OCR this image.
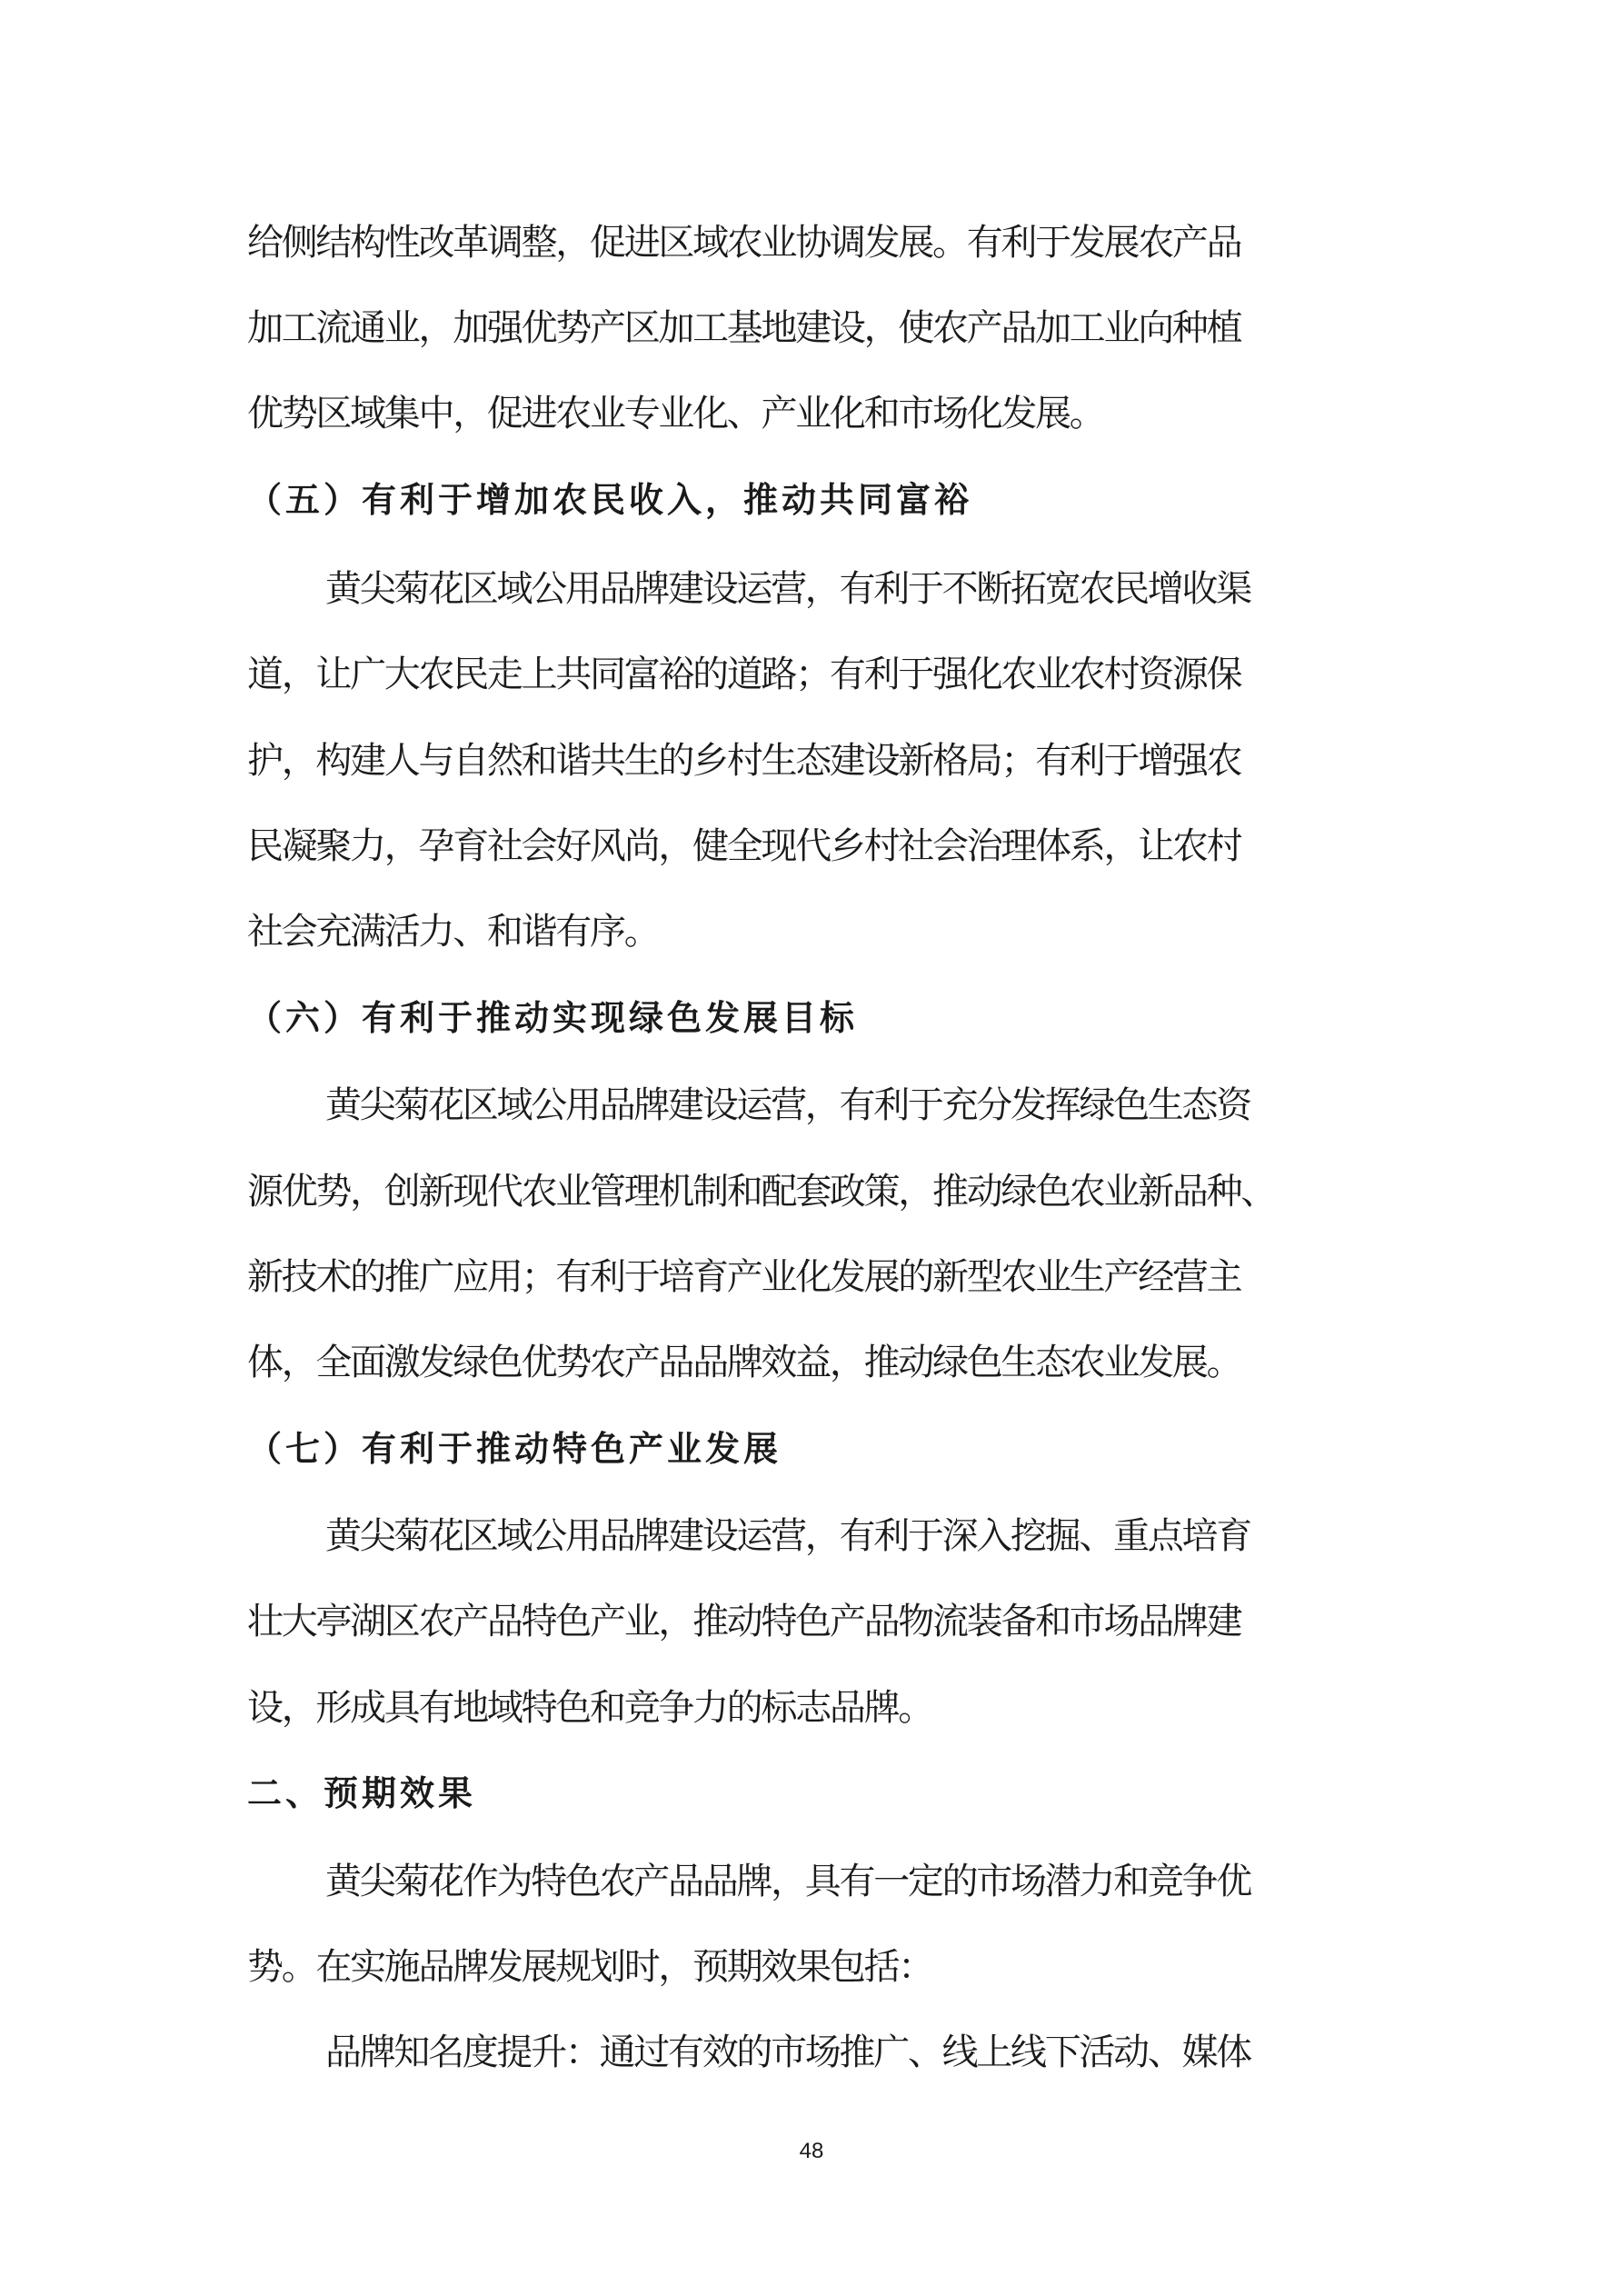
给侧结构性改革调整，促进区域农业协调发展。有利于发展农产品
加工流通业，加强优势产区加工基地建设，使农产品加工业向种植
优势区域集中，促进农业专业化、产业化和市场化发展。
（五）有利于增加农民收入，推动共同富裕
黄尖菊花区域公用品牌建设运营，有利于不断拓宽农民增收渠
道，让广大农民走上共同富裕的道路；有利于强化农业农村资源保
护，构建人与自然和谐共生的乡村生态建设新格局；有利于增强农
民凝聚力，孕育社会好风尚，健全现代乡村社会治理体系，让农村
社会充满活力、和谐有序。
（六）有利于推动实现绿色发展目标
黄尖菊花区域公用品牌建设运营，有利于充分发挥绿色生态资
源优势，创新现代农业管理机制和配套政策，推动绿色农业新品种、
新技术的推广应用；有利于培育产业化发展的新型农业生产经营主
体，全面激发绿色优势农产品品牌效益，推动绿色生态农业发展。
（七）有利于推动特色产业发展
黄尖菊花区域公用品牌建设运营，有利于深入挖掘、重点培育
壮大亭湖区农产品特色产业，推动特色产品物流装备和市场品牌建
设，形成具有地域特色和竞争力的标志品牌。
二、预期效果
黄尖菊花作为特色农产品品牌，具有一定的市场潜力和竞争优
势。在实施品牌发展规划时，预期效果包括：
品牌知名度提升：通过有效的市场推广、线上线下活动、媒体
48
